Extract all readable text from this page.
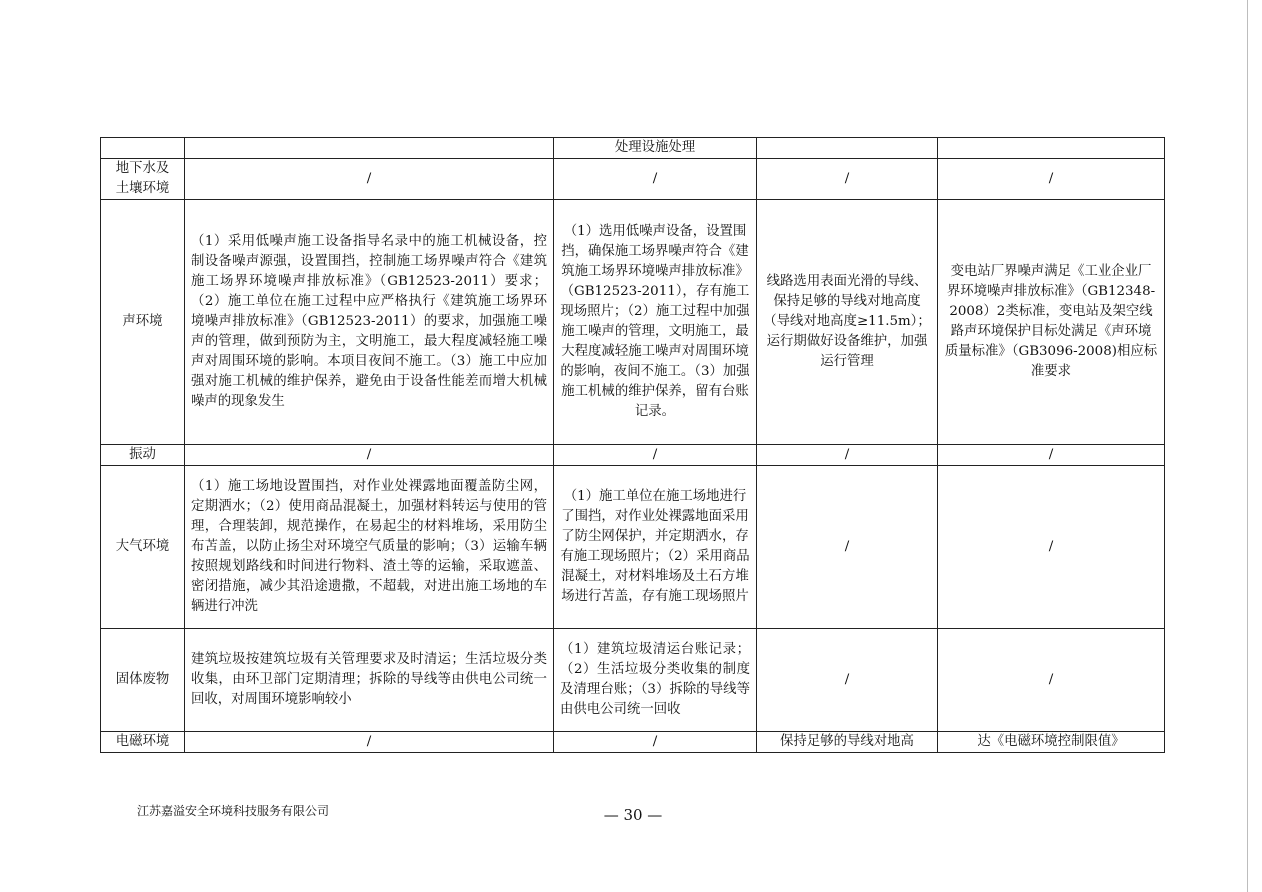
		处理设施处理		

地下水及
土壤环境	/	/	/	/
声环境	（1）采用低噪声施工设备指导名录中的施工机械设备，控制设备噪声源强，设置围挡，控制施工场界噪声符合《建筑施工场界环境噪声排放标准》（GB12523-2011）要求；（2）施工单位在施工过程中应严格执行《建筑施工场界环境噪声排放标准》（GB12523-2011）的要求，加强施工噪声的管理，做到预防为主，文明施工，最大程度减轻施工噪声对周围环境的影响。本项目夜间不施工。（3）施工中应加强对施工机械的维护保养，避免由于设备性能差而增大机械噪声的现象发生	（1）选用低噪声设备，设置围挡，确保施工场界噪声符合《建筑施工场界环境噪声排放标准》（GB12523-2011），存有施工现场照片；（2）施工过程中加强施工噪声的管理，文明施工，最大程度减轻施工噪声对周围环境的影响，夜间不施工。（3）加强施工机械的维护保养，留有台账记录。	线路选用表面光滑的导线、保持足够的导线对地高度（导线对地高度≥11.5m）；运行期做好设备维护，加强运行管理	变电站厂界噪声满足《工业企业厂界环境噪声排放标准》（GB12348-2008）2类标准，变电站及架空线路声环境保护目标处满足《声环境质量标准》（GB3096-2008)相应标准要求
振动	/	/	/	/
大气环境	（1）施工场地设置围挡，对作业处裸露地面覆盖防尘网，定期洒水；（2）使用商品混凝土，加强材料转运与使用的管理，合理装卸，规范操作，在易起尘的材料堆场，采用防尘布苫盖，以防止扬尘对环境空气质量的影响；（3）运输车辆按照规划路线和时间进行物料、渣土等的运输，采取遮盖、密闭措施，减少其沿途遗撒，不超载，对进出施工场地的车辆进行冲洗	（1）施工单位在施工场地进行了围挡，对作业处裸露地面采用了防尘网保护，并定期洒水，存有施工现场照片；（2）采用商品混凝土，对材料堆场及土石方堆场进行苫盖，存有施工现场照片	/	/
固体废物	建筑垃圾按建筑垃圾有关管理要求及时清运；生活垃圾分类收集，由环卫部门定期清理；拆除的导线等由供电公司统一回收，对周围环境影响较小	（1）建筑垃圾清运台账记录；（2）生活垃圾分类收集的制度及清理台账；（3）拆除的导线等由供电公司统一回收	/	/
电磁环境	/	/	保持足够的导线对地高	达《电磁环境控制限值》
江苏嘉溢安全环境科技服务有限公司	— 30 —
